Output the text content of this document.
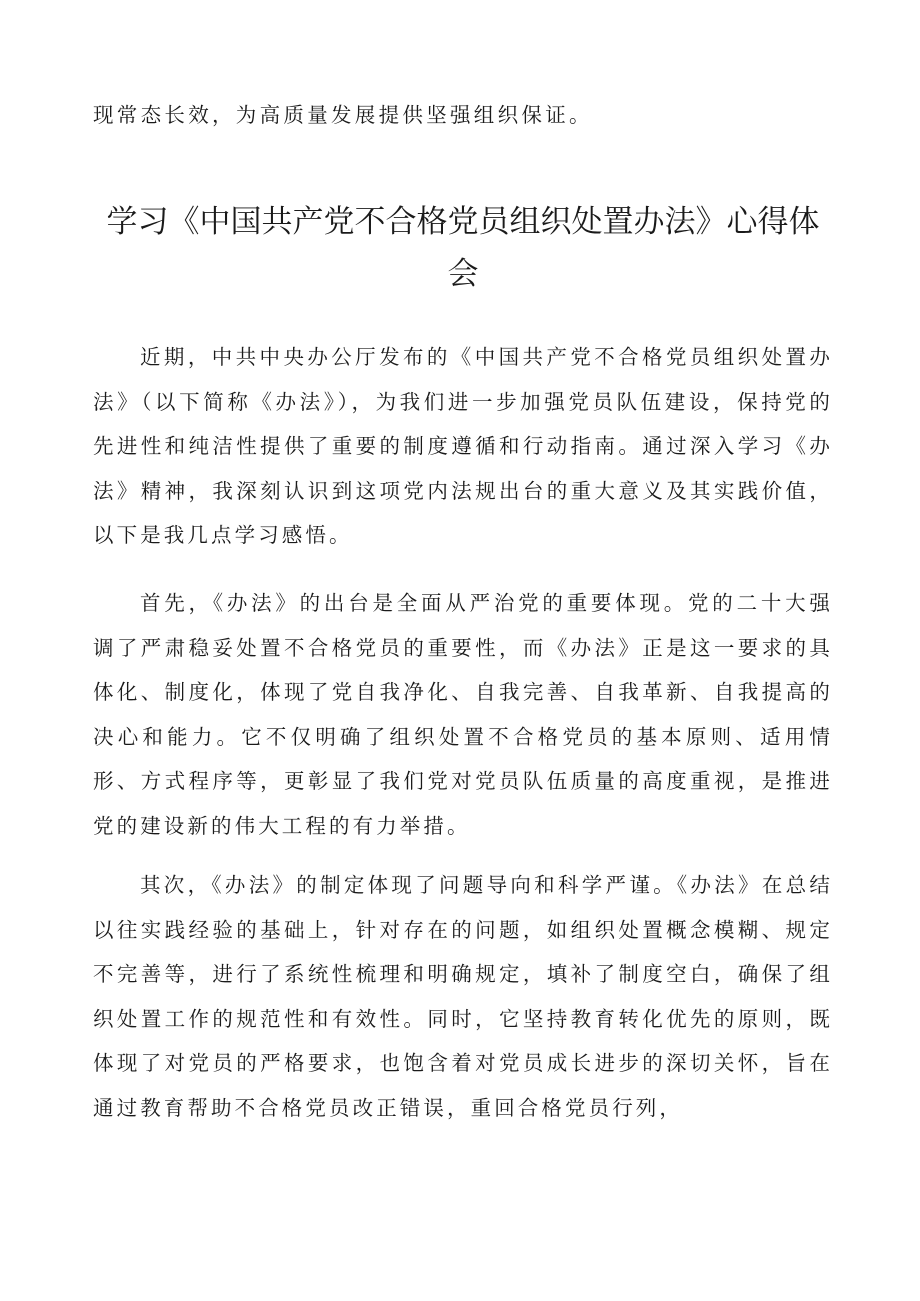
现常态长效，为高质量发展提供坚强组织保证。

学习《中国共产党不合格党员组织处置办法》心得体会

近期，中共中央办公厅发布的《中国共产党不合格党员组织处置办法》（以下简称《办法》），为我们进一步加强党员队伍建设，保持党的先进性和纯洁性提供了重要的制度遵循和行动指南。通过深入学习《办法》精神，我深刻认识到这项党内法规出台的重大意义及其实践价值，以下是我几点学习感悟。

首先，《办法》的出台是全面从严治党的重要体现。党的二十大强调了严肃稳妥处置不合格党员的重要性，而《办法》正是这一要求的具体化、制度化，体现了党自我净化、自我完善、自我革新、自我提高的决心和能力。它不仅明确了组织处置不合格党员的基本原则、适用情形、方式程序等，更彰显了我们党对党员队伍质量的高度重视，是推进党的建设新的伟大工程的有力举措。

其次，《办法》的制定体现了问题导向和科学严谨。《办法》在总结以往实践经验的基础上，针对存在的问题，如组织处置概念模糊、规定不完善等，进行了系统性梳理和明确规定，填补了制度空白，确保了组织处置工作的规范性和有效性。同时，它坚持教育转化优先的原则，既体现了对党员的严格要求，也饱含着对党员成长进步的深切关怀，旨在通过教育帮助不合格党员改正错误，重回合格党员行列，
